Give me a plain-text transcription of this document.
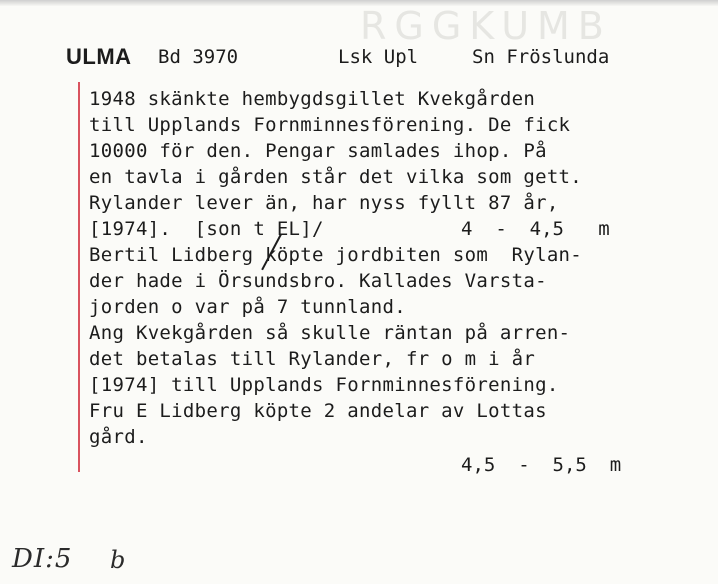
RGGKUMB
ULMA Bd 3970	Lsk Upl	Sn Fröslunda
1948 skänkte hembygdsgillet Kvekgården
till Upplands Fornminnesförening. De fick
10000 för den. Pengar samlades ihop. På
en tavla i gården står det vilka som gett.
Rylander lever än, har nyss fyllt 87 år,
[1974].  [son t EL]/	4  -  4,5   m
Bertil Lidberg köpte jordbiten som  Rylan-
der hade i Örsundsbro. Kallades Varsta-
jorden o var på 7 tunnland.
Ang Kvekgården så skulle räntan på arren-
det betalas till Rylander, fr o m i år
[1974] till Upplands Fornminnesförening.
Fru E Lidberg köpte 2 andelar av Lottas
gård.
4,5  -  5,5  m
DI:5 b
